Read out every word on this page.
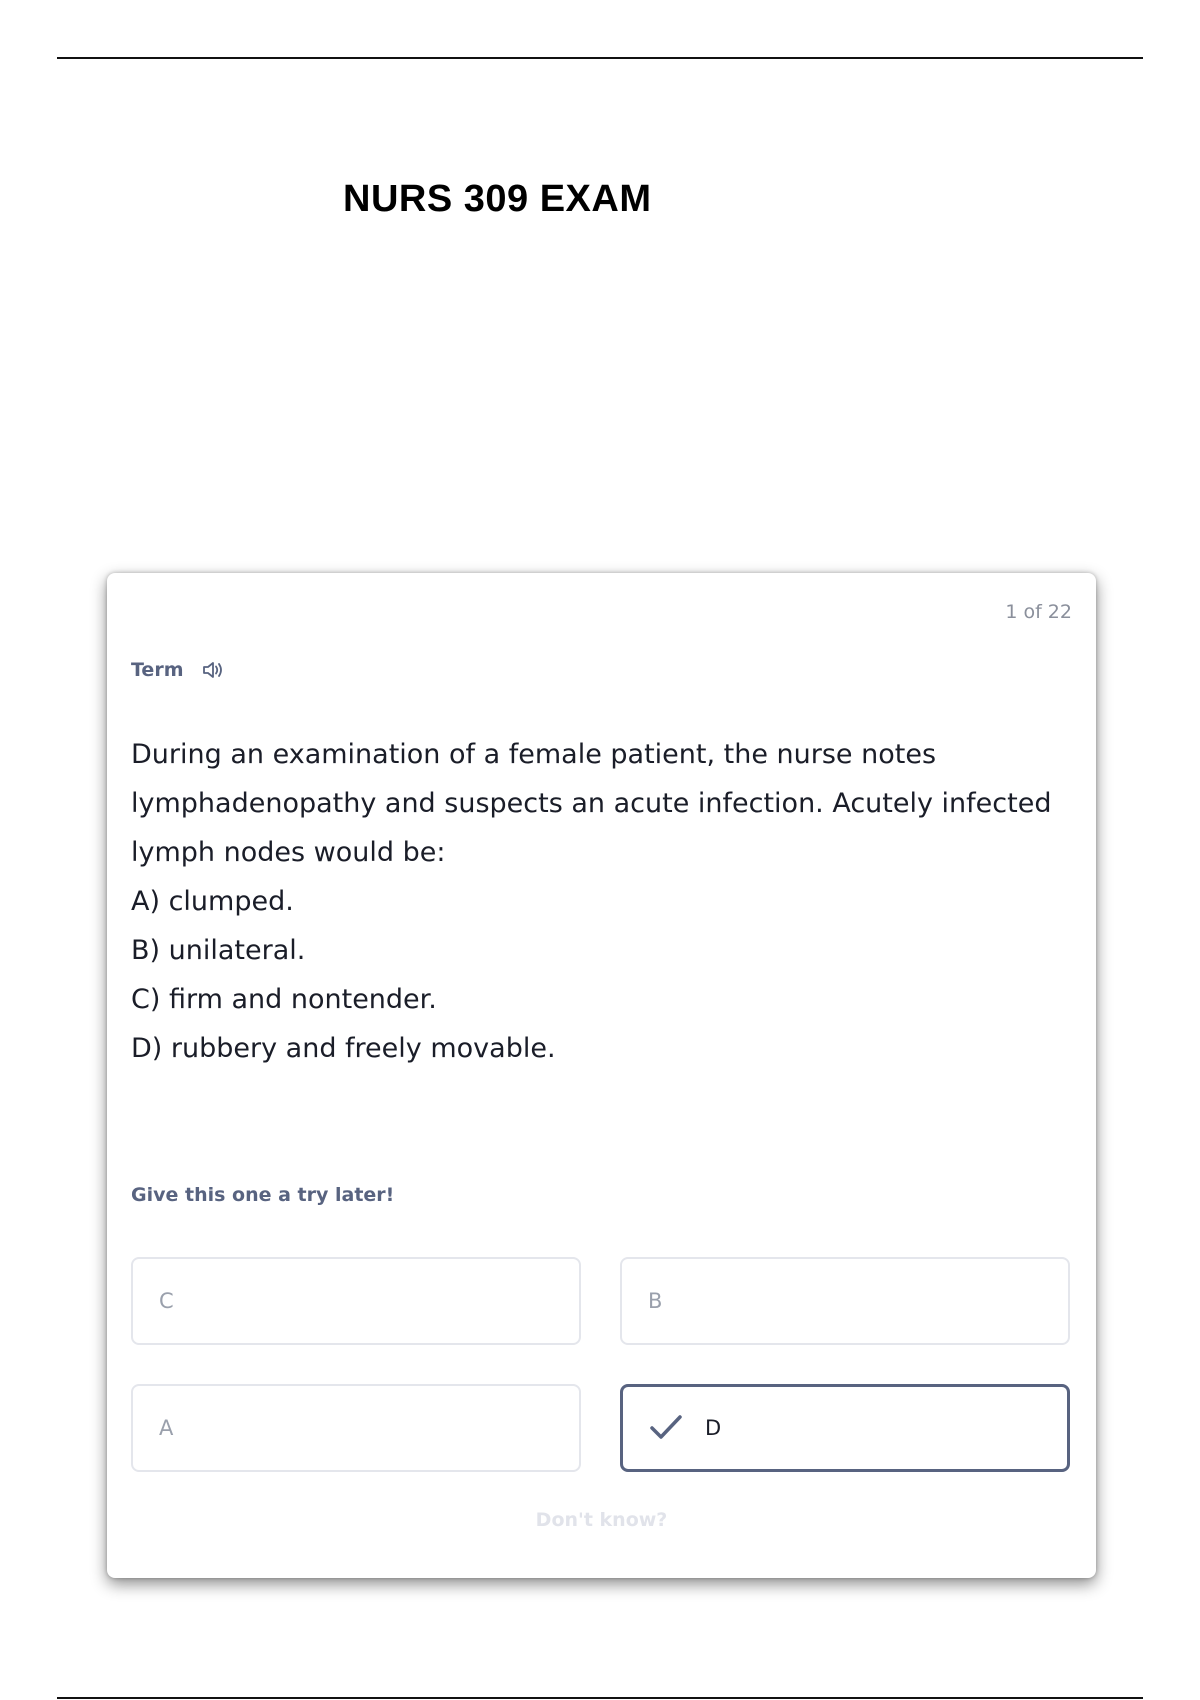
NURS 309 EXAM
1 of 22
Term
During an examination of a female patient, the nurse notes
lymphadenopathy and suspects an acute infection. Acutely infected
lymph nodes would be:
A) clumped.
B) unilateral.
C) firm and nontender.
D) rubbery and freely movable.
Give this one a try later!
C	B
A	D
Don't know?
